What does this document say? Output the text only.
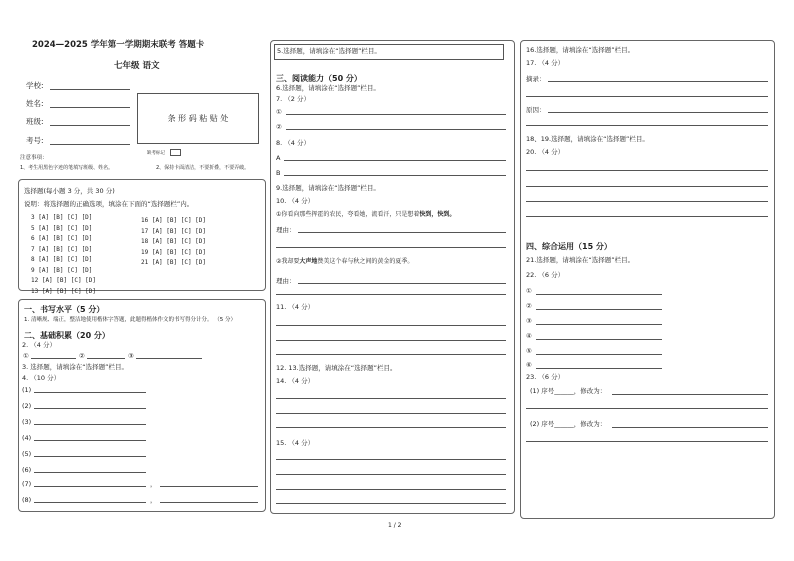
2024—2025 学年第一学期期末联考 答题卡
七年级 语文
学校:
姓名:
班级:
考号:
条 形 码 粘 贴 处
缺考标记
注意事项：
1、考生用黑色字迹的笔填写班级、姓名。	2、保持卡面清洁，不要折叠，不要弄破。
选择题(每小题 3 分，共 30 分)
说明：将选择题的正确选项，填涂在下面的“选择题栏”内。
3 [A] [B] [C] [D]
5 [A] [B] [C] [D]
6 [A] [B] [C] [D]
7 [A] [B] [C] [D]
8 [A] [B] [C] [D]
9 [A] [B] [C] [D]
12 [A] [B] [C] [D]
13 [A] [B] [C] [D]
16 [A] [B] [C] [D]
17 [A] [B] [C] [D]
18 [A] [B] [C] [D]
19 [A] [B] [C] [D]
21 [A] [B] [C] [D]
一、书写水平（5 分）
1. 清晰规、端正，整洁地使用楷体字答题，此题得楷体作文的书写得分计分。 （5 分）
二、基础积累（20 分）
2. （4 分）
①	②	③
3. 选择题，请填涂在“选择题”栏目。
4. （10 分）
(1)
(2)
(3)
(4)
(5)
(6)
(7)	，
(8)	，
5.选择题，请填涂在“选择题”栏目。
三、阅读能力（50 分）
6.选择题，请填涂在“选择题”栏目。
7. （2 分）
①
②
8. （4 分）
A
B
9.选择题，请填涂在“选择题”栏目。
10. （4 分）
①你看向那些挥霍的农民，夸看她，流看汗，只是想着快到，快到。
理由：
②我却要大声地赞美这个春与秋之间的黄金的夏季。
理由：
11. （4 分）
12. 13.选择题，请填涂在“选择题”栏目。
14. （4 分）
15. （4 分）
16.选择题，请填涂在“选择题”栏目。
17. （4 分）
摘录：
原因：
18、19.选择题，请填涂在“选择题”栏目。
20. （4 分）
四、综合运用（15 分）
21.选择题，请填涂在“选择题”栏目。
22. （6 分）
①
②
③
④
⑤
⑥
23. （6 分）
(1) 序号______，修改为：
(2) 序号______，修改为：
1 / 2
